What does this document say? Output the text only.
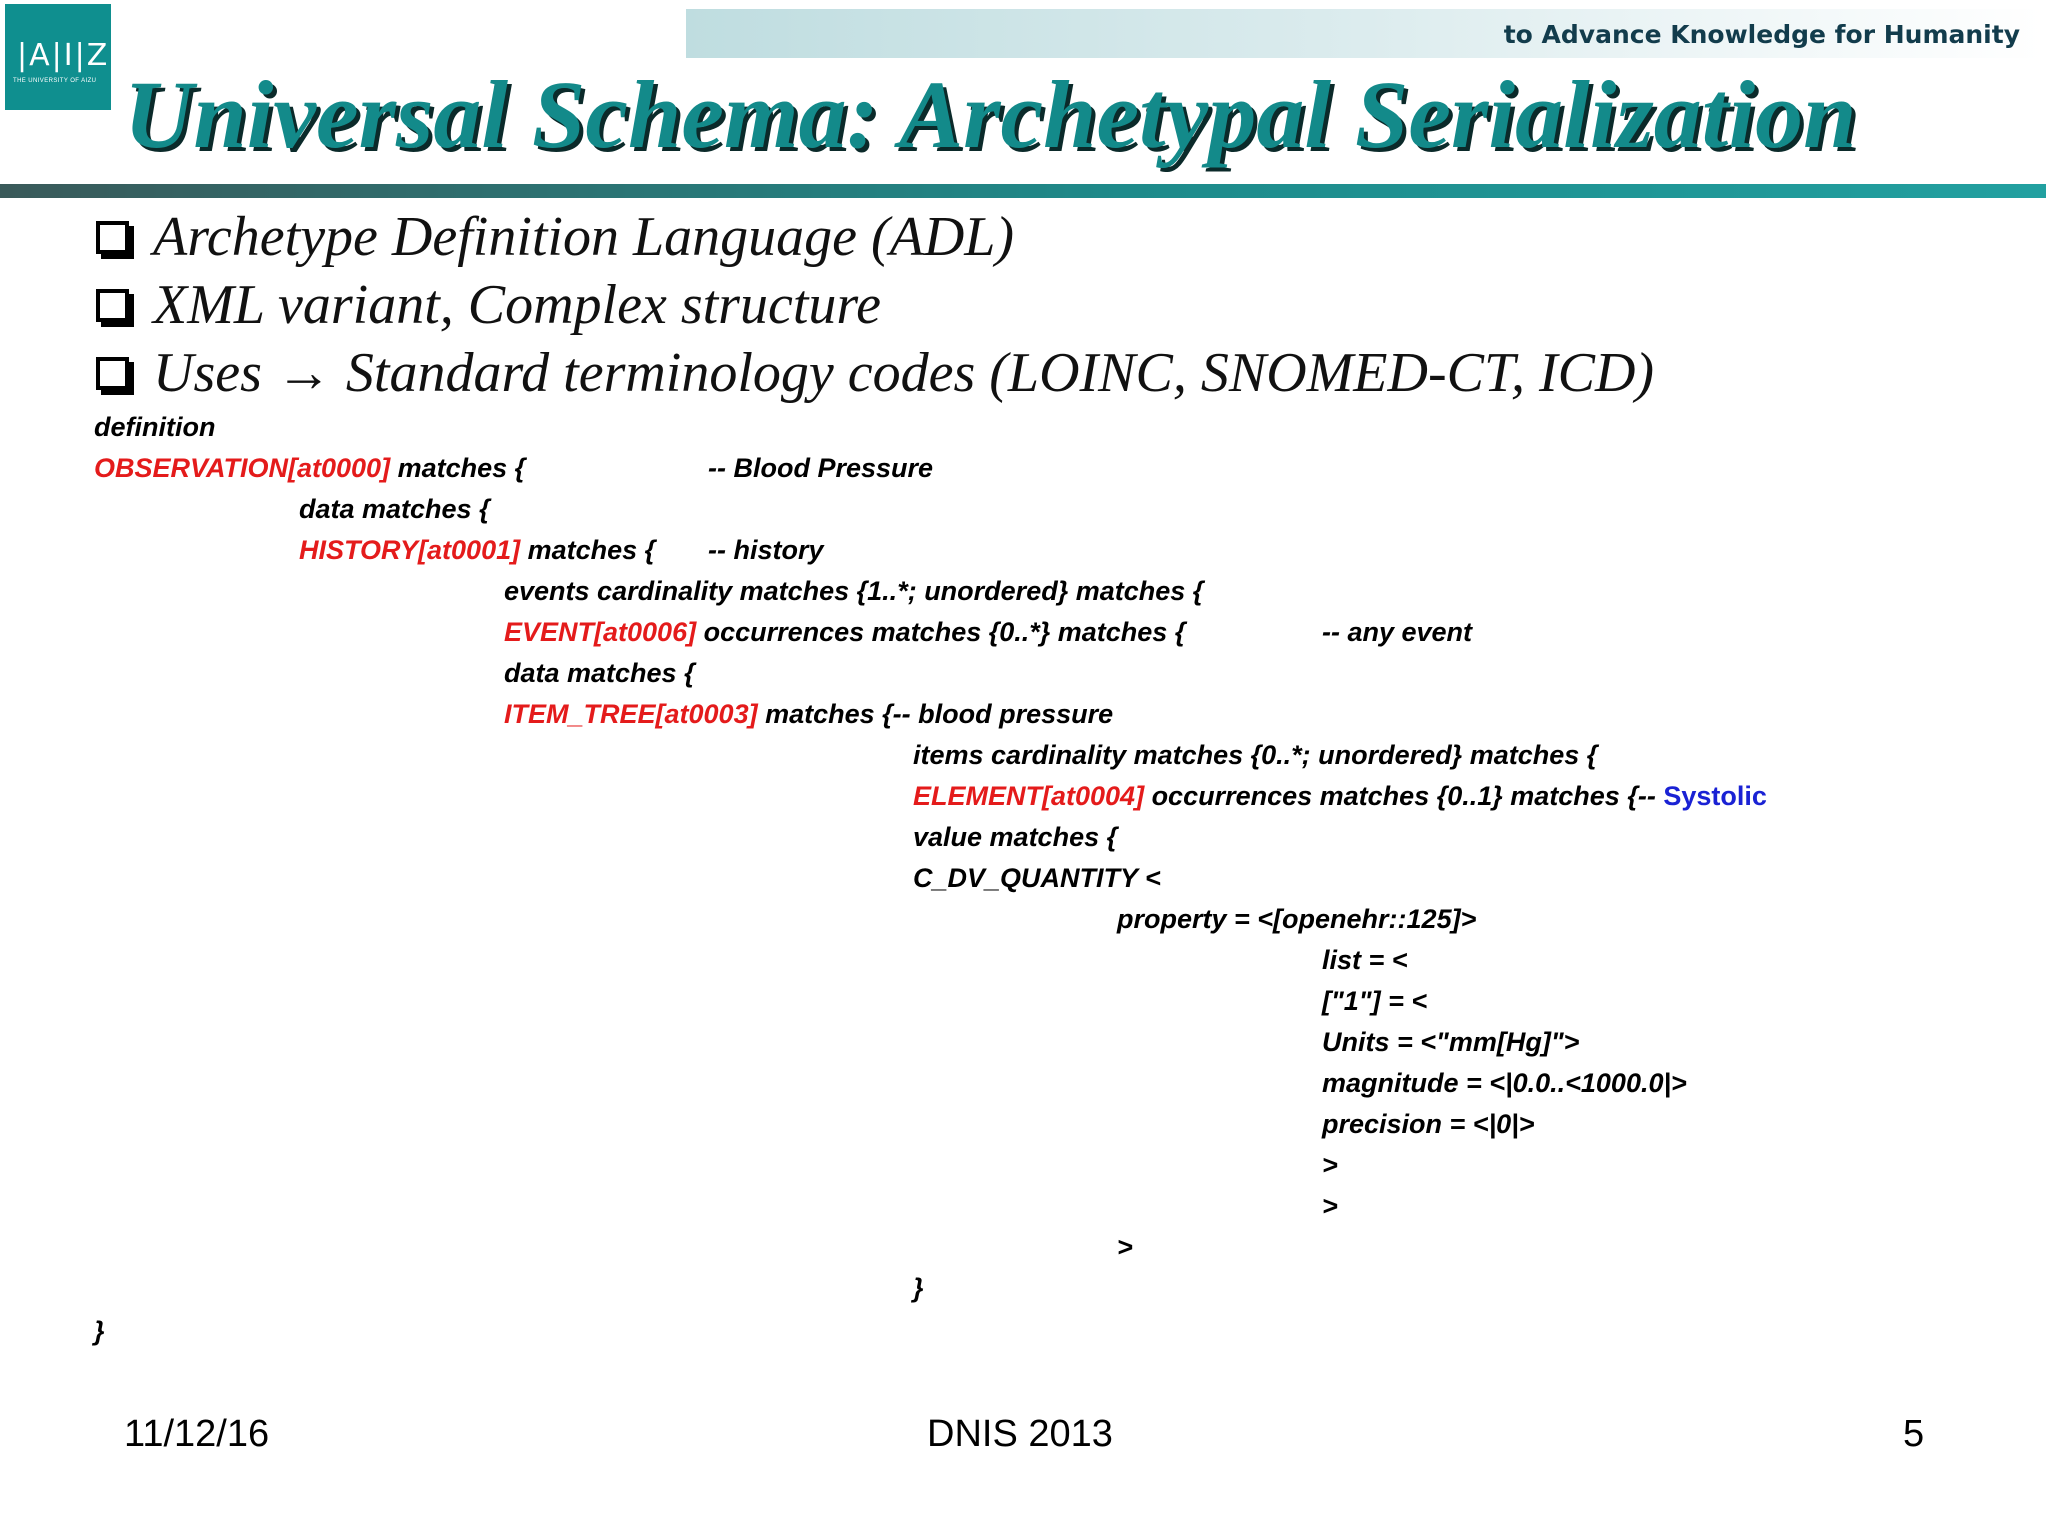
|A|I|Z|U|
THE UNIVERSITY OF AIZU
to Advance Knowledge for Humanity
Universal Schema: Archetypal Serialization
Archetype Definition Language (ADL)
XML variant, Complex structure
Uses → Standard terminology codes (LOINC, SNOMED-CT, ICD)
definition
OBSERVATION[at0000] matches {	-- Blood Pressure
data matches {
HISTORY[at0001] matches { -- history
events cardinality matches {1..*; unordered} matches {
EVENT[at0006] occurrences matches {0..*} matches {	-- any event
data matches {
ITEM_TREE[at0003] matches {-- blood pressure
items cardinality matches {0..*; unordered} matches {
ELEMENT[at0004] occurrences matches {0..1} matches {-- Systolic
value matches {
C_DV_QUANTITY <
property = <[openehr::125]>
list = <
["1"] = <
Units = <"mm[Hg]">
magnitude = <|0.0..<1000.0|>
precision = <|0|>
>
>
>
}
}
11/12/16	DNIS 2013	5
